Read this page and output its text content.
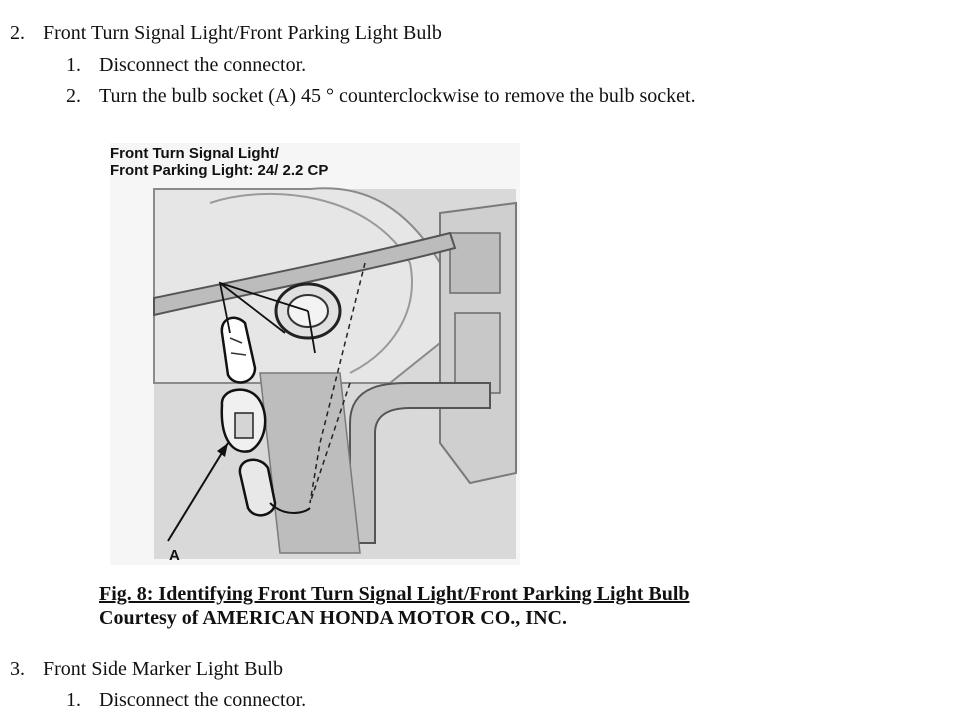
2. Front Turn Signal Light/Front Parking Light Bulb
1. Disconnect the connector.
2. Turn the bulb socket (A) 45 ° counterclockwise to remove the bulb socket.
Front Turn Signal Light/
Front Parking Light: 24/ 2.2 CP
A
Fig. 8: Identifying Front Turn Signal Light/Front Parking Light Bulb
Courtesy of AMERICAN HONDA MOTOR CO., INC.
3. Front Side Marker Light Bulb
1. Disconnect the connector.
